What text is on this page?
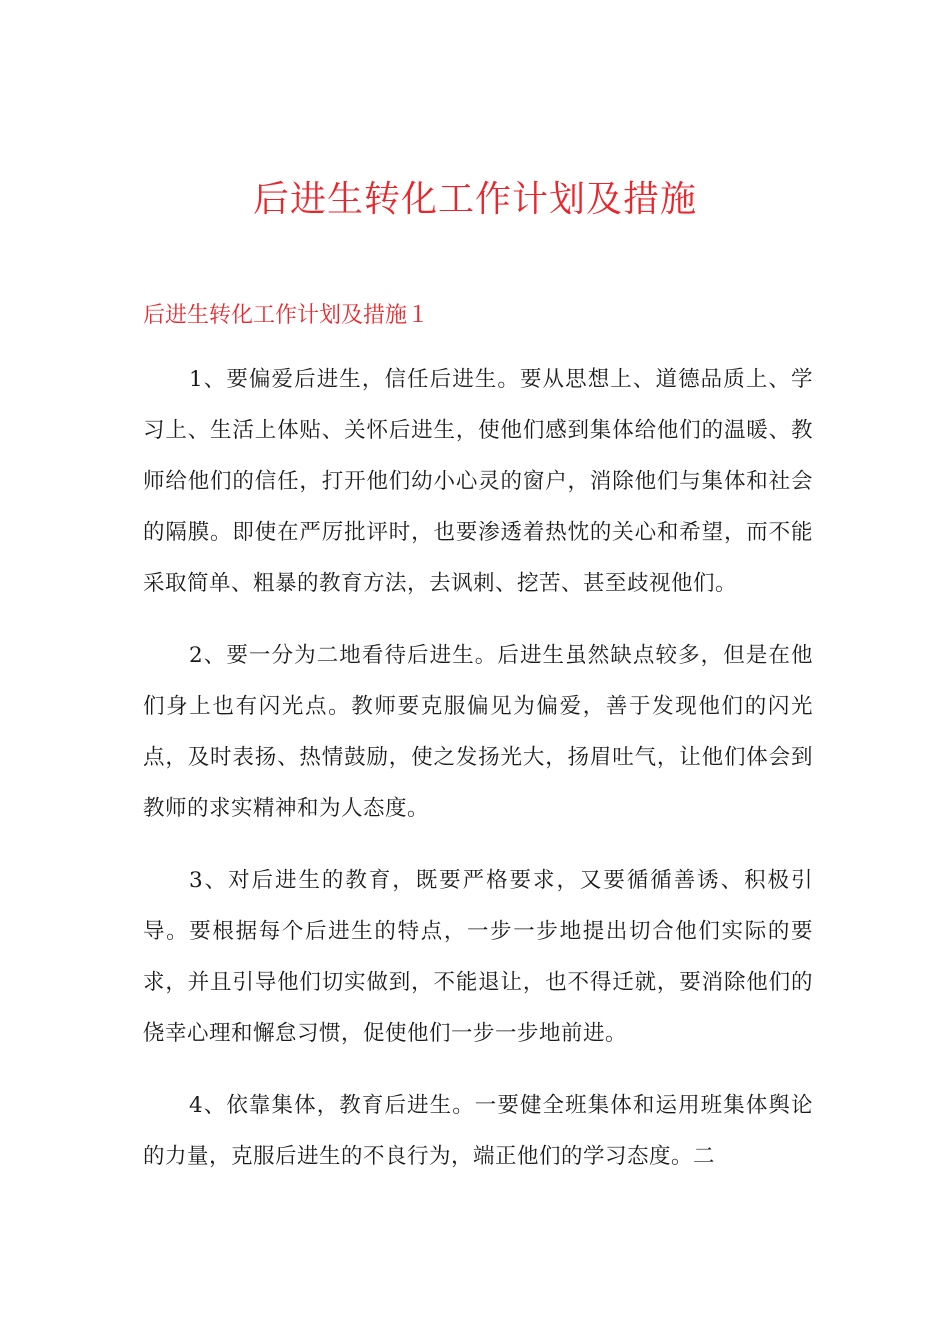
后进生转化工作计划及措施
后进生转化工作计划及措施１

1、要偏爱后进生，信任后进生。要从思想上、道德品质上、学习上、生活上体贴、关怀后进生，使他们感到集体给他们的温暖、教师给他们的信任，打开他们幼小心灵的窗户，消除他们与集体和社会的隔膜。即使在严厉批评时，也要渗透着热忱的关心和希望，而不能采取简单、粗暴的教育方法，去讽刺、挖苦、甚至歧视他们。

2、要一分为二地看待后进生。后进生虽然缺点较多，但是在他们身上也有闪光点。教师要克服偏见为偏爱，善于发现他们的闪光点，及时表扬、热情鼓励，使之发扬光大，扬眉吐气，让他们体会到教师的求实精神和为人态度。

3、对后进生的教育，既要严格要求，又要循循善诱、积极引导。要根据每个后进生的特点，一步一步地提出切合他们实际的要求，并且引导他们切实做到，不能退让，也不得迁就，要消除他们的侥幸心理和懈怠习惯，促使他们一步一步地前进。

4、依靠集体，教育后进生。一要健全班集体和运用班集体舆论的力量，克服后进生的不良行为，端正他们的学习态度。二
